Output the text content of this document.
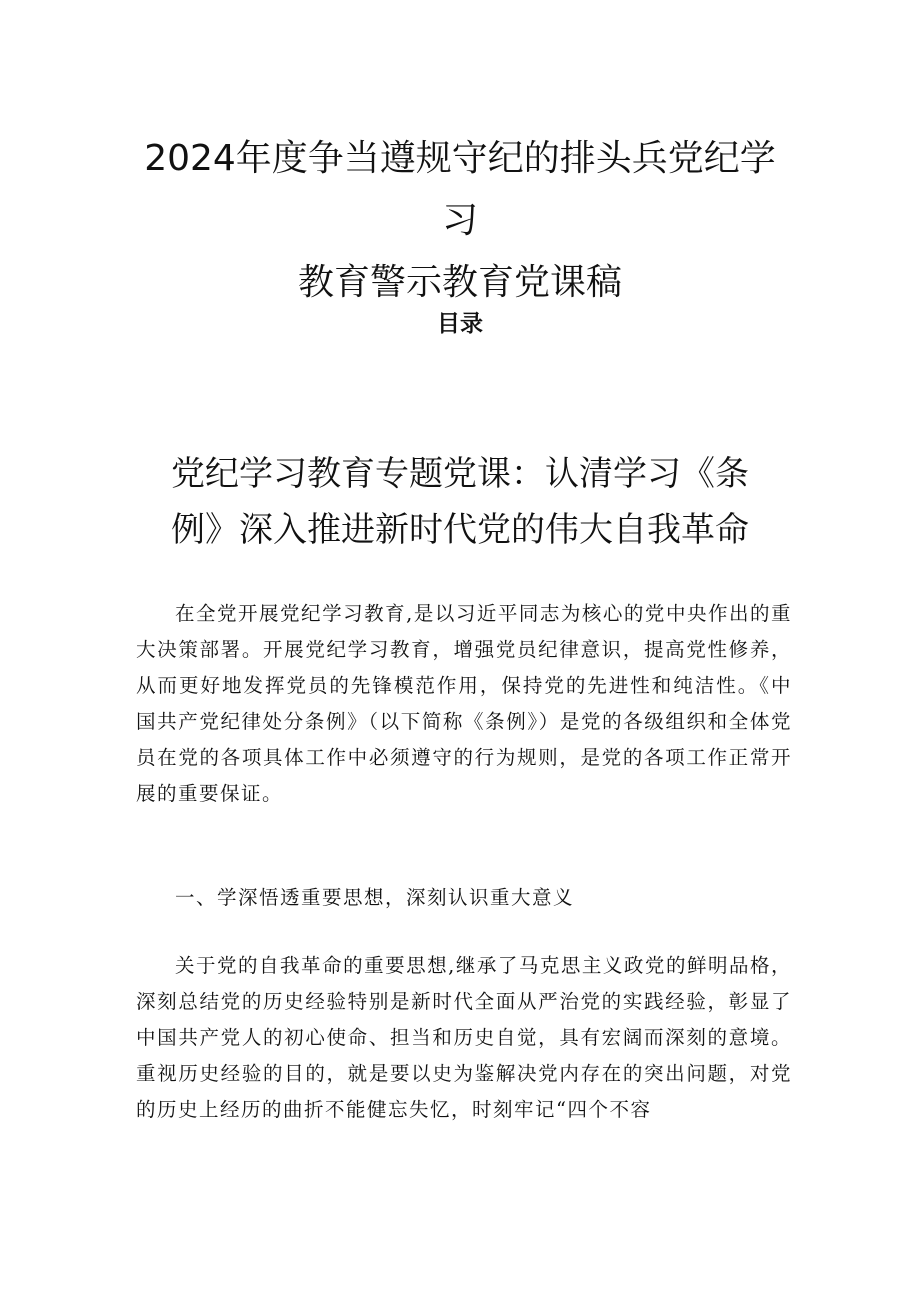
2024年度争当遵规守纪的排头兵党纪学习
教育警示教育党课稿
目录
党纪学习教育专题党课：认清学习《条
例》深入推进新时代党的伟大自我革命

在全党开展党纪学习教育,是以习近平同志为核心的党中央作出的重大决策部署。开展党纪学习教育，增强党员纪律意识，提高党性修养，从而更好地发挥党员的先锋模范作用，保持党的先进性和纯洁性。《中国共产党纪律处分条例》（以下简称《条例》）是党的各级组织和全体党员在党的各项具体工作中必须遵守的行为规则，是党的各项工作正常开展的重要保证。

一、学深悟透重要思想，深刻认识重大意义

关于党的自我革命的重要思想,继承了马克思主义政党的鲜明品格，深刻总结党的历史经验特别是新时代全面从严治党的实践经验，彰显了中国共产党人的初心使命、担当和历史自觉，具有宏阔而深刻的意境。重视历史经验的目的，就是要以史为鉴解决党内存在的突出问题，对党的历史上经历的曲折不能健忘失忆，时刻牢记“四个不容
